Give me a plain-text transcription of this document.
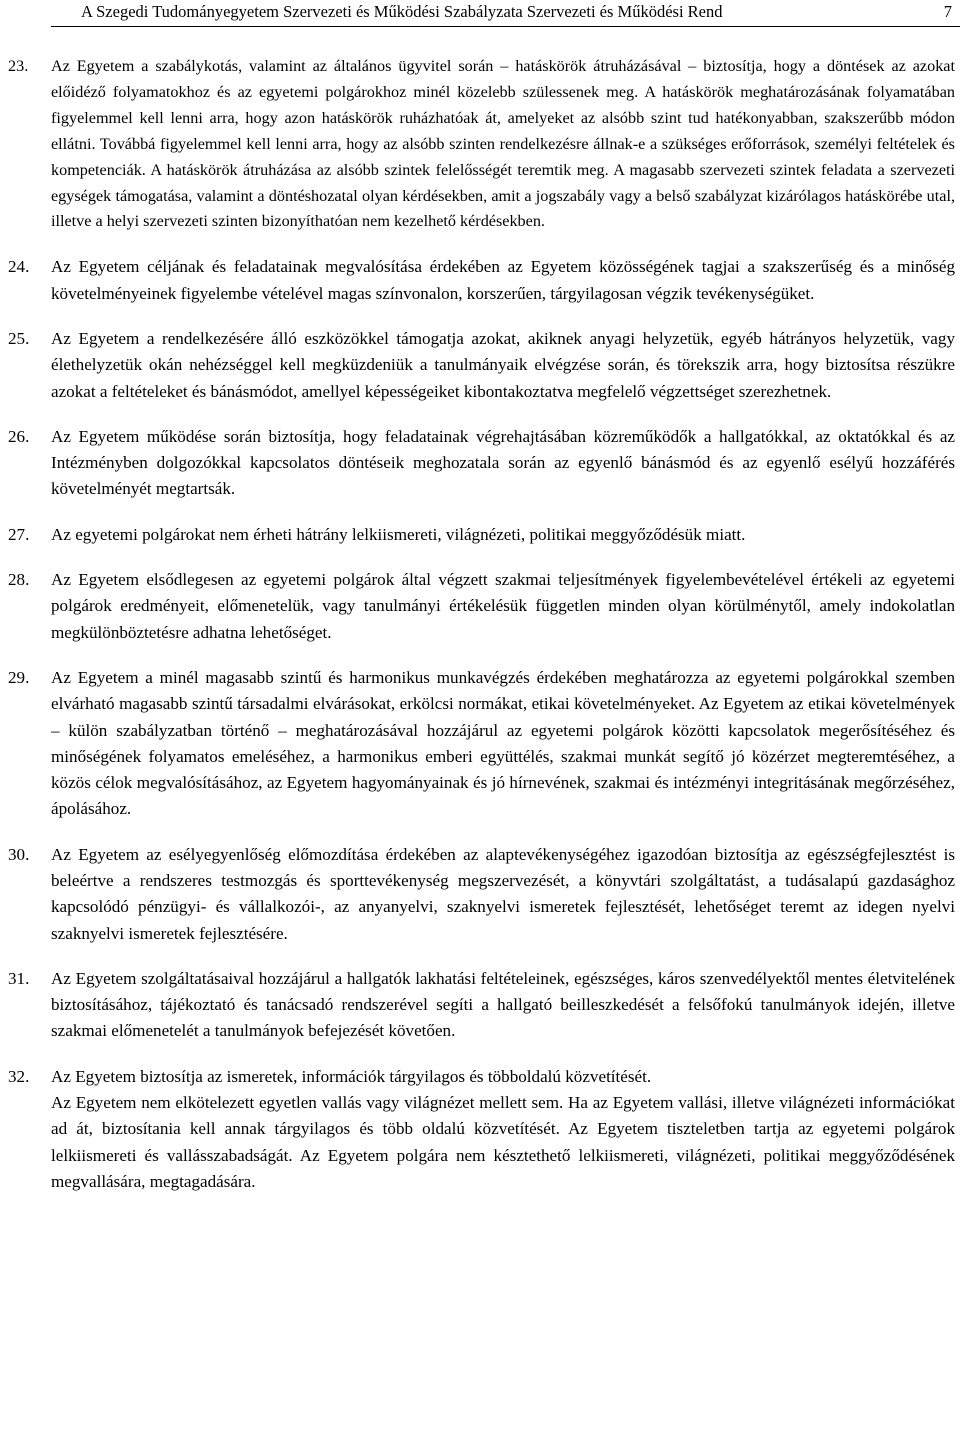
A Szegedi Tudományegyetem Szervezeti és Működési Szabályzata Szervezeti és Működési Rend	7
23. Az Egyetem a szabálykotás, valamint az általános ügyvitel során – hatáskörök átruházásával – biztosítja, hogy a döntések az azokat előidéző folyamatokhoz és az egyetemi polgárokhoz minél közelebb szülessenek meg. A hatáskörök meghatározásának folyamatában figyelemmel kell lenni arra, hogy azon hatáskörök ruházhatóak át, amelyeket az alsóbb szint tud hatékonyabban, szakszerűbb módon ellátni. Továbbá figyelemmel kell lenni arra, hogy az alsóbb szinten rendelkezésre állnak-e a szükséges erőforrások, személyi feltételek és kompetenciák. A hatáskörök átruházása az alsóbb szintek felelősségét teremtik meg. A magasabb szervezeti szintek feladata a szervezeti egységek támogatása, valamint a döntéshozatal olyan kérdésekben, amit a jogszabály vagy a belső szabályzat kizárólagos hatáskörébe utal, illetve a helyi szervezeti szinten bizonyíthatóan nem kezelhető kérdésekben.

24. Az Egyetem céljának és feladatainak megvalósítása érdekében az Egyetem közösségének tagjai a szakszerűség és a minőség követelményeinek figyelembe vételével magas színvonalon, korszerűen, tárgyilagosan végzik tevékenységüket.

25. Az Egyetem a rendelkezésére álló eszközökkel támogatja azokat, akiknek anyagi helyzetük, egyéb hátrányos helyzetük, vagy élethelyzetük okán nehézséggel kell megküzdeniük a tanulmányaik elvégzése során, és törekszik arra, hogy biztosítsa részükre azokat a feltételeket és bánásmódot, amellyel képességeiket kibontakoztatva megfelelő végzettséget szerezhetnek.

26. Az Egyetem működése során biztosítja, hogy feladatainak végrehajtásában közreműködők a hallgatókkal, az oktatókkal és az Intézményben dolgozókkal kapcsolatos döntéseik meghozatala során az egyenlő bánásmód és az egyenlő esélyű hozzáférés követelményét megtartsák.

27. Az egyetemi polgárokat nem érheti hátrány lelkiismereti, világnézeti, politikai meggyőződésük miatt.

28. Az Egyetem elsődlegesen az egyetemi polgárok által végzett szakmai teljesítmények figyelembevételével értékeli az egyetemi polgárok eredményeit, előmenetelük, vagy tanulmányi értékelésük független minden olyan körülménytől, amely indokolatlan megkülönböztetésre adhatna lehetőséget.

29. Az Egyetem a minél magasabb szintű és harmonikus munkavégzés érdekében meghatározza az egyetemi polgárokkal szemben elvárható magasabb szintű társadalmi elvárásokat, erkölcsi normákat, etikai követelményeket. Az Egyetem az etikai követelmények – külön szabályzatban történő – meghatározásával hozzájárul az egyetemi polgárok közötti kapcsolatok megerősítéséhez és minőségének folyamatos emeléséhez, a harmonikus emberi együttélés, szakmai munkát segítő jó közérzet megteremtéséhez, a közös célok megvalósításához, az Egyetem hagyományainak és jó hírnevének, szakmai és intézményi integritásának megőrzéséhez, ápolásához.

30. Az Egyetem az esélyegyenlőség előmozdítása érdekében az alaptevékenységéhez igazodóan biztosítja az egészségfejlesztést is beleértve a rendszeres testmozgás és sporttevékenység megszervezését, a könyvtári szolgáltatást, a tudásalapú gazdasághoz kapcsolódó pénzügyi- és vállalkozói-, az anyanyelvi, szaknyelvi ismeretek fejlesztését, lehetőséget teremt az idegen nyelvi szaknyelvi ismeretek fejlesztésére.

31. Az Egyetem szolgáltatásaival hozzájárul a hallgatók lakhatási feltételeinek, egészséges, káros szenvedélyektől mentes életvitelének biztosításához, tájékoztató és tanácsadó rendszerével segíti a hallgató beilleszkedését a felsőfokú tanulmányok idején, illetve szakmai előmenetelét a tanulmányok befejezését követően.

32. Az Egyetem biztosítja az ismeretek, információk tárgyilagos és többoldalú közvetítését.

Az Egyetem nem elkötelezett egyetlen vallás vagy világnézet mellett sem. Ha az Egyetem vallási, illetve világnézeti információkat ad át, biztosítania kell annak tárgyilagos és több oldalú közvetítését. Az Egyetem tiszteletben tartja az egyetemi polgárok lelkiismereti és vallásszabadságát. Az Egyetem polgára nem késztethető lelkiismereti, világnézeti, politikai meggyőződésének megvallására, megtagadására.
